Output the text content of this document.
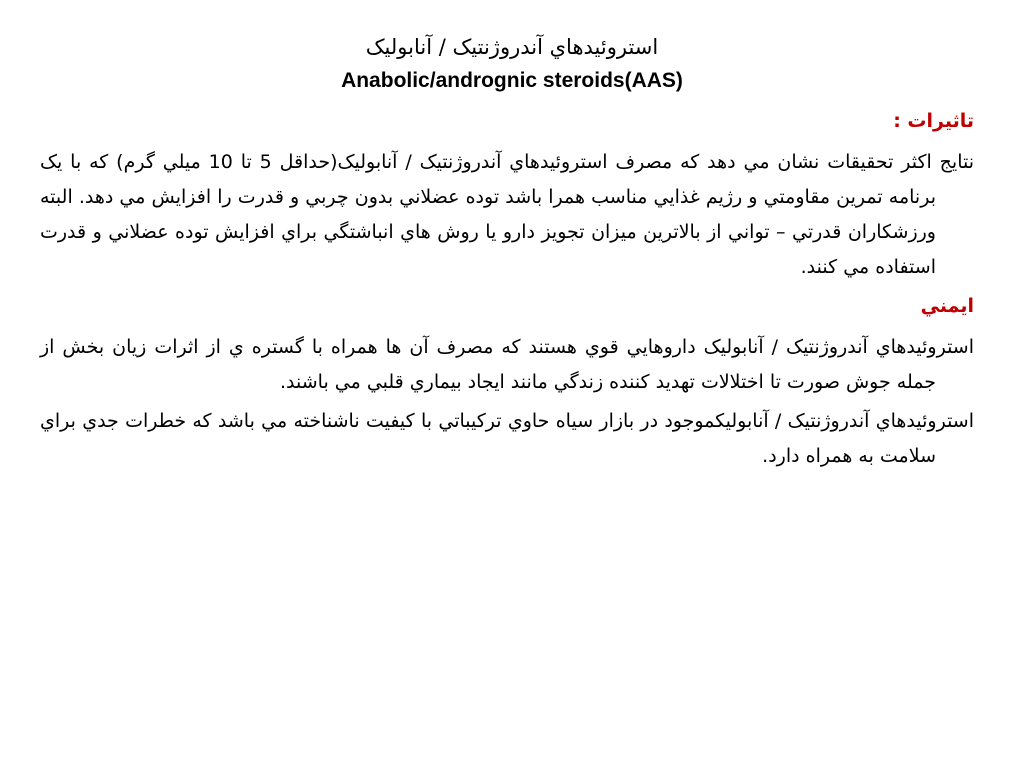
استروئيدهاي آندروژنتيک / آنابوليک
Anabolic/andrognic steroids(AAS)
تاثيرات :

نتايج اکثر تحقيقات نشان مي دهد که مصرف استروئيدهاي آندروژنتيک / آنابوليک(حداقل 5 تا 10 ميلي گرم) که با يک برنامه تمرين مقاومتي و رژيم غذايي مناسب همرا باشد توده عضلاني بدون چربي و قدرت را افزايش مي دهد. البته ورزشکاران قدرتي – تواني از بالاترين ميزان تجويز دارو يا روش هاي انباشتگي براي افزايش توده عضلاني و قدرت استفاده مي کنند.

ايمني

استروئيدهاي آندروژنتيک / آنابوليک داروهايي قوي هستند که مصرف آن ها همراه با گستره ي از اثرات زيان بخش از جمله جوش صورت تا اختلالات تهديد کننده زندگي مانند ايجاد بيماري قلبي مي باشند.

استروئيدهاي آندروژنتيک / آنابوليکموجود در بازار سياه حاوي ترکيباتي با کيفيت ناشناخته مي باشد که خطرات جدي براي سلامت به همراه دارد.
